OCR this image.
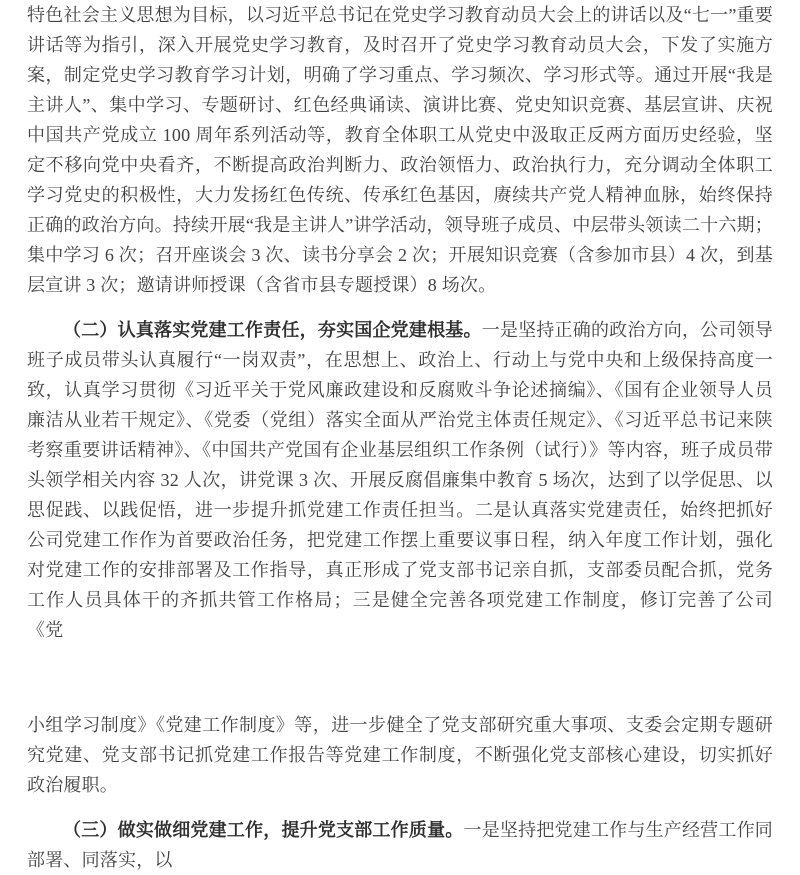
特色社会主义思想为目标，以习近平总书记在党史学习教育动员大会上的讲话以及“七一”重要讲话等为指引，深入开展党史学习教育，及时召开了党史学习教育动员大会，下发了实施方案，制定党史学习教育学习计划，明确了学习重点、学习频次、学习形式等。通过开展“我是主讲人”、集中学习、专题研讨、红色经典诵读、演讲比赛、党史知识竞赛、基层宣讲、庆祝中国共产党成立 100 周年系列活动等，教育全体职工从党史中汲取正反两方面历史经验，坚定不移向党中央看齐，不断提高政治判断力、政治领悟力、政治执行力，充分调动全体职工学习党史的积极性，大力发扬红色传统、传承红色基因，赓续共产党人精神血脉，始终保持正确的政治方向。持续开展“我是主讲人”讲学活动，领导班子成员、中层带头领读二十六期；集中学习 6 次；召开座谈会 3 次、读书分享会 2 次；开展知识竞赛（含参加市县）4 次，到基层宣讲 3 次；邀请讲师授课（含省市县专题授课）8 场次。

（二）认真落实党建工作责任，夯实国企党建根基。一是坚持正确的政治方向，公司领导班子成员带头认真履行“一岗双责”，在思想上、政治上、行动上与党中央和上级保持高度一致，认真学习贯彻《习近平关于党风廉政建设和反腐败斗争论述摘编》、《国有企业领导人员廉洁从业若干规定》、《党委（党组）落实全面从严治党主体责任规定》、《习近平总书记来陕考察重要讲话精神》、《中国共产党国有企业基层组织工作条例（试行）》等内容，班子成员带头领学相关内容 32 人次，讲党课 3 次、开展反腐倡廉集中教育 5 场次，达到了以学促思、以思促践、以践促悟，进一步提升抓党建工作责任担当。二是认真落实党建责任，始终把抓好公司党建工作作为首要政治任务，把党建工作摆上重要议事日程，纳入年度工作计划，强化对党建工作的安排部署及工作指导，真正形成了党支部书记亲自抓，支部委员配合抓，党务工作人员具体干的齐抓共管工作格局；三是健全完善各项党建工作制度，修订完善了公司《党

小组学习制度》《党建工作制度》等，进一步健全了党支部研究重大事项、支委会定期专题研究党建、党支部书记抓党建工作报告等党建工作制度，不断强化党支部核心建设，切实抓好政治履职。

（三）做实做细党建工作，提升党支部工作质量。一是坚持把党建工作与生产经营工作同部署、同落实，以
